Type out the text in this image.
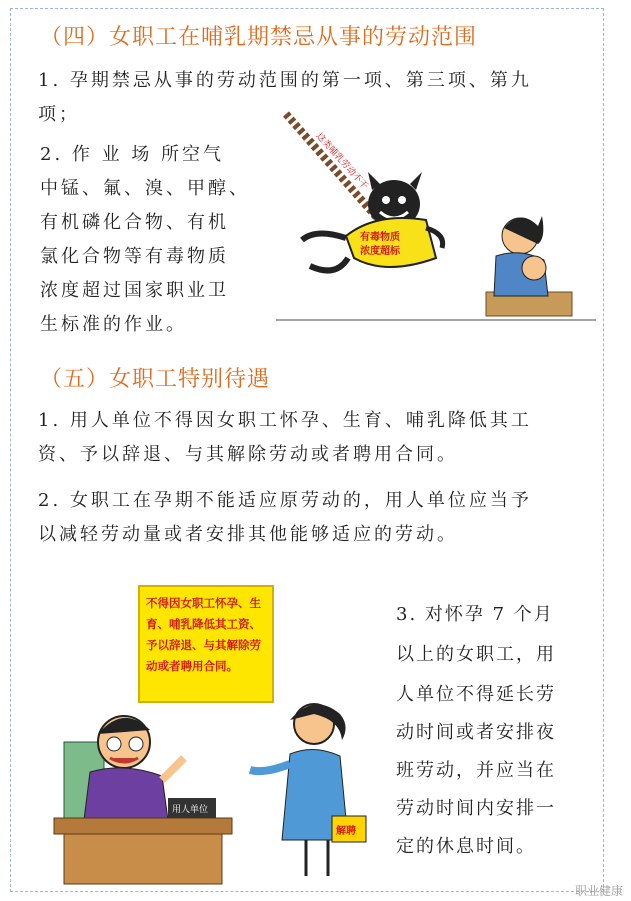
（四）女职工在哺乳期禁忌从事的劳动范围
1. 孕期禁忌从事的劳动范围的第一项、第三项、第九
项；
2. 作 业 场 所空气
中锰、氟、溴、甲醇、
有机磷化合物、有机
氯化合物等有毒物质
浓度超过国家职业卫
生标准的作业。
这类哺乳劳动不干
有毒物质
浓度超标
（五）女职工特别待遇
1. 用人单位不得因女职工怀孕、生育、哺乳降低其工
资、予以辞退、与其解除劳动或者聘用合同。
2. 女职工在孕期不能适应原劳动的，用人单位应当予
以减轻劳动量或者安排其他能够适应的劳动。
3. 对怀孕 7 个月
以上的女职工，用
人单位不得延长劳
动时间或者安排夜
班劳动，并应当在
劳动时间内安排一
定的休息时间。
不得因女职工怀孕、生
育、哺乳降低其工资、
予以辞退、与其解除劳
动或者聘用合同。
用人单位
解聘
职业健康
